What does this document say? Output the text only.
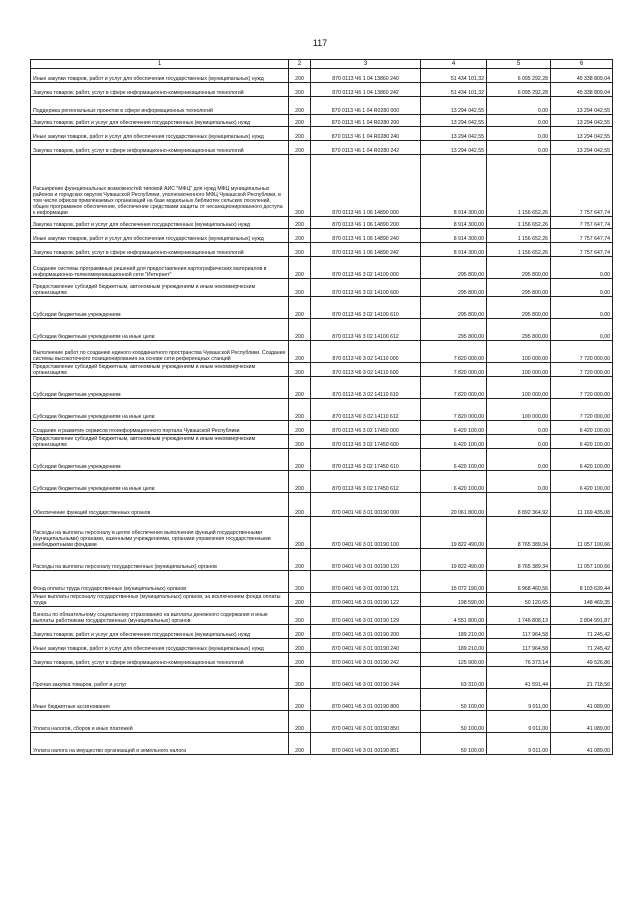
117
1	2	3	4	5	6
Иные закупки товаров, работ и услуг для обеспечения государственных (муниципальных) нужд	200	870 0113 Ч6 1 04 13860 240	51 434 101,32	6 095 292,28	45 338 809,04
Закупка товаров, работ, услуг в сфере информационно-коммуникационных технологий	200	870 0113 Ч6 1 04 13860 242	51 434 101,32	6 095 292,28	45 338 809,04
Поддержка региональных проектов в сфере информационных технологий	200	870 0113 Ч6 1 04 R0280 000	13 294 042,55	0,00	13 294 042,55
Закупка товаров, работ и услуг для обеспечения государственных (муниципальных) нужд	200	870 0113 Ч6 1 04 R0280 200	13 294 042,55	0,00	13 294 042,55
Иные закупки товаров, работ и услуг для обеспечения государственных (муниципальных) нужд	200	870 0113 Ч6 1 04 R0280 240	13 294 042,55	0,00	13 294 042,55
Закупка товаров, работ, услуг в сфере информационно-коммуникационных технологий	200	870 0113 Ч6 1 04 R0280 242	13 294 042,55	0,00	13 294 042,55
Расширение функциональных возможностей типовой АИС "МФЦ" для нужд МФЦ муниципальных районов и городских округов Чувашской Республики, уполномоченного МФЦ Чувашской Республики, в том числе офисов привлекаемых организаций на базе модельных библиотек сельских поселений, общее программное обеспечение, обеспечение средствами защиты от несанкционированного доступа к информации	200	870 0113 Ч6 1 06 14890 000	8 914 300,00	1 156 652,26	7 757 647,74
Закупка товаров, работ и услуг для обеспечения государственных (муниципальных) нужд	200	870 0113 Ч6 1 06 14890 200	8 914 300,00	1 156 652,26	7 757 647,74
Иные закупки товаров, работ и услуг для обеспечения государственных (муниципальных) нужд	200	870 0113 Ч6 1 06 14890 240	8 914 300,00	1 156 652,26	7 757 647,74
Закупка товаров, работ, услуг в сфере информационно-коммуникационных технологий	200	870 0113 Ч6 1 06 14890 242	8 914 300,00	1 156 652,26	7 757 647,74
Создание системы программных решений для предоставления картографических материалов в информационно-телекоммуникационной сети "Интернет"	200	870 0113 Ч6 3 02 14100 000	295 800,00	295 800,00	0,00
Предоставление субсидий бюджетным, автономным учреждениям и иным некоммерческим организациям	200	870 0113 Ч6 3 02 14100 600	295 800,00	295 800,00	0,00
Субсидии бюджетным учреждениям	200	870 0113 Ч6 3 02 14100 610	295 800,00	295 800,00	0,00
Субсидии бюджетным учреждениям на иные цели	200	870 0113 Ч6 3 02 14100 612	295 800,00	295 800,00	0,00
Выполнение работ по созданию единого координатного пространства Чувашской Республики. Создание системы высокоточного позиционирования на основе сети референцных станций	200	870 0113 Ч6 3 02 14110 000	7 820 000,00	100 000,00	7 720 000,00
Предоставление субсидий бюджетным, автономным учреждениям и иным некоммерческим организациям	200	870 0113 Ч6 3 02 14110 600	7 820 000,00	100 000,00	7 720 000,00
Субсидии бюджетным учреждениям	200	870 0113 Ч6 3 02 14110 610	7 820 000,00	100 000,00	7 720 000,00
Субсидии бюджетным учреждениям на иные цели	200	870 0113 Ч6 3 02 14110 612	7 820 000,00	100 000,00	7 720 000,00
Создание и развитие сервисов геоинформационного портала Чувашской Республики	200	870 0113 Ч6 3 02 17450 000	6 420 100,00	0,00	6 420 100,00
Предоставление субсидий бюджетным, автономным учреждениям и иным некоммерческим организациям	200	870 0113 Ч6 3 02 17450 600	6 420 100,00	0,00	6 420 100,00
Субсидии бюджетным учреждениям	200	870 0113 Ч6 3 02 17450 610	6 420 100,00	0,00	6 420 100,00
Субсидии бюджетным учреждениям на иные цели	200	870 0113 Ч6 3 02 17450 612	6 420 100,00	0,00	6 420 100,00
Обеспечение функций государственных органов	200	870 0401 Ч6 3 01 00190 000	20 061 800,00	8 892 364,92	11 169 435,08
Расходы на выплаты персоналу в целях обеспечения выполнения функций государственными (муниципальными) органами, казенными учреждениями, органами управления государственными внебюджетными фондами	200	870 0401 Ч6 3 01 00190 100	19 822 490,00	8 765 389,34	11 057 100,66
Расходы на выплаты персоналу государственных (муниципальных) органов	200	870 0401 Ч6 3 01 00190 120	19 822 490,00	8 765 389,34	11 057 100,66
Фонд оплаты труда государственных (муниципальных) органов	200	870 0401 Ч6 3 01 00190 121	15 072 190,00	6 968 460,56	8 103 639,44
Иные выплаты персоналу государственных (муниципальных) органов, за исключением фонда оплаты труда	200	870 0401 Ч6 3 01 00190 122	198 590,00	50 120,65	148 469,35
Взносы по обязательному социальному страхованию на выплаты денежного содержания и иные выплаты работникам государственных (муниципальных) органов	200	870 0401 Ч6 3 01 00190 129	4 551 800,00	1 746 808,13	2 804 991,87
Закупка товаров, работ и услуг для обеспечения государственных (муниципальных) нужд	200	870 0401 Ч6 3 01 00190 200	189 210,00	117 964,58	71 245,42
Иные закупки товаров, работ и услуг для обеспечения государственных (муниципальных) нужд	200	870 0401 Ч6 3 01 00190 240	189 210,00	117 964,58	71 245,42
Закупка товаров, работ, услуг в сфере информационно-коммуникационных технологий	200	870 0401 Ч6 3 01 00190 242	125 900,00	76 373,14	49 526,86
Прочая закупка товаров, работ и услуг	200	870 0401 Ч6 3 01 00190 244	63 310,00	41 591,44	21 718,56
Иные бюджетные ассигнования	200	870 0401 Ч6 3 01 00190 800	50 100,00	9 011,00	41 089,00
Уплата налогов, сборов и иных платежей	200	870 0401 Ч6 3 01 00190 850	50 100,00	9 011,00	41 089,00
Уплата налога на имущество организаций и земельного налога	200	870 0401 Ч6 3 01 00190 851	50 100,00	9 011,00	41 089,00
